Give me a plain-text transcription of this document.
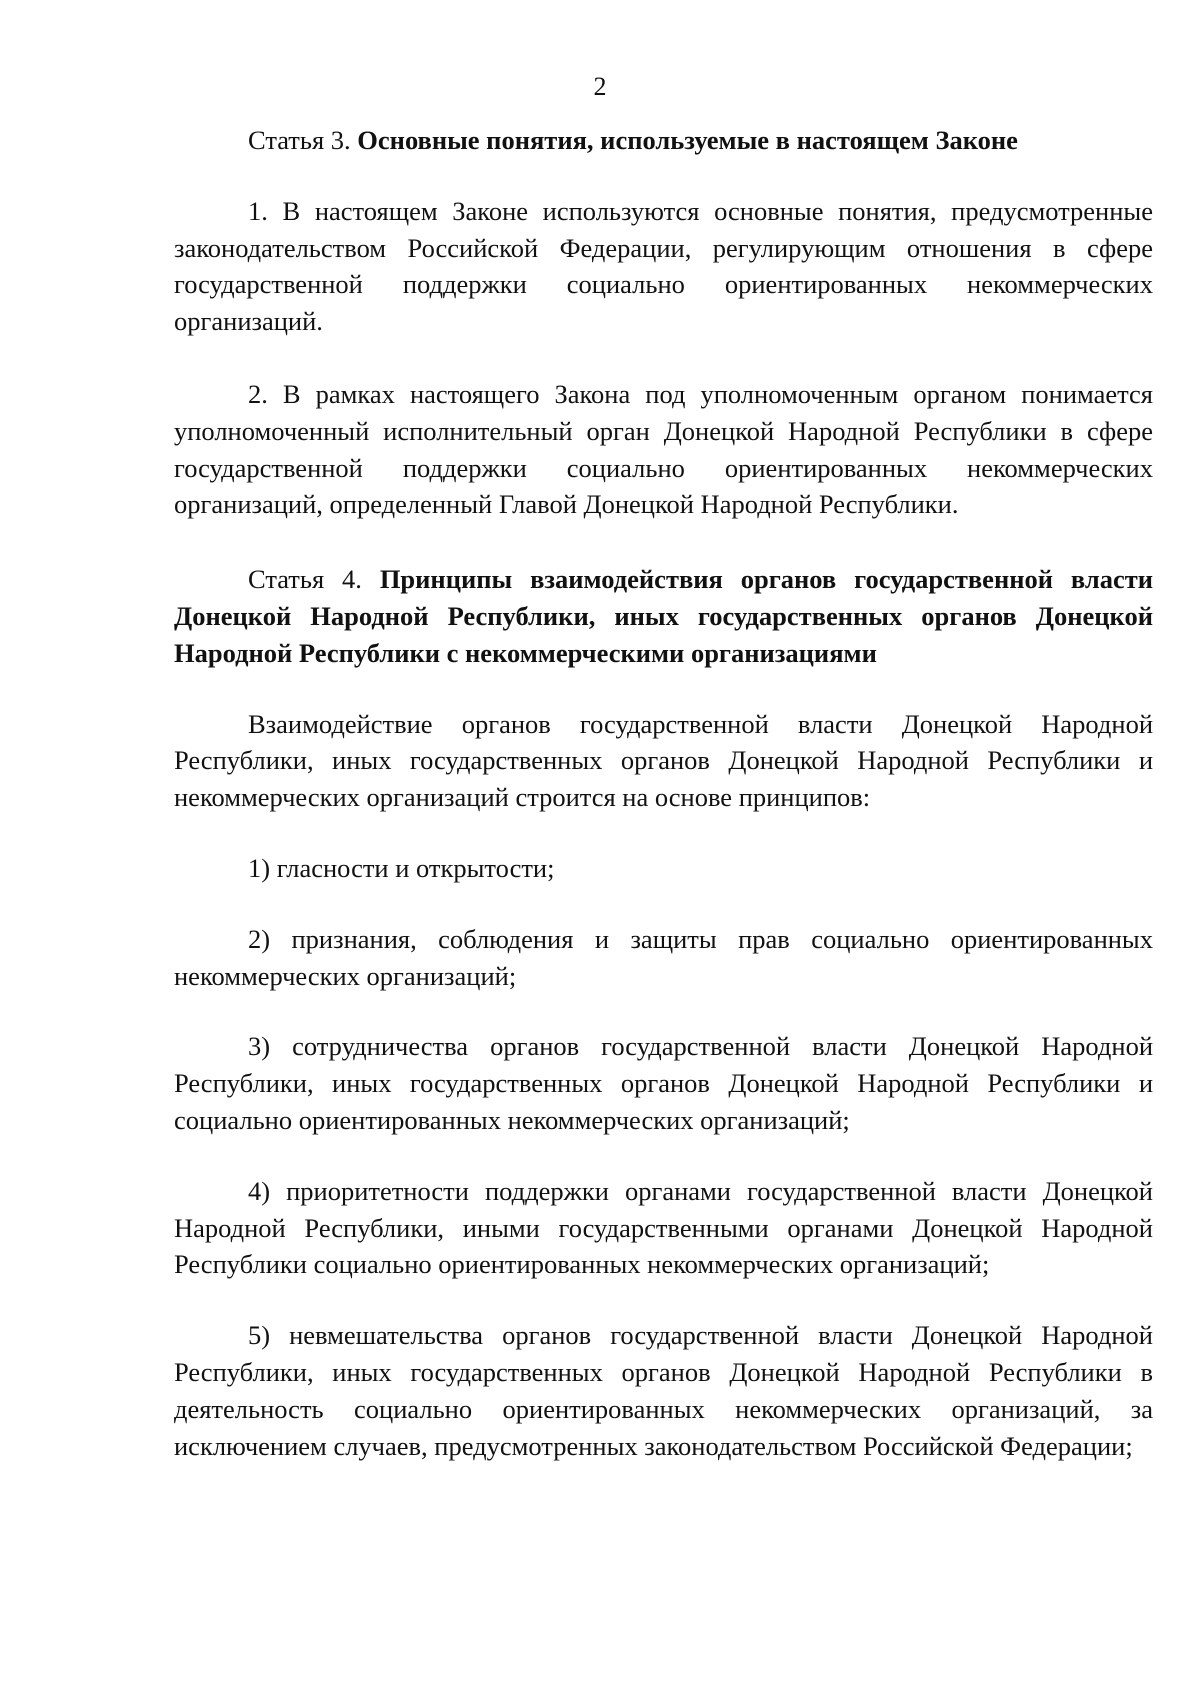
2

Статья 3. Основные понятия, используемые в настоящем Законе

1. В настоящем Законе используются основные понятия, предусмотренные законодательством Российской Федерации, регулирующим отношения в сфере государственной поддержки социально ориентированных некоммерческих организаций.

2. В рамках настоящего Закона под уполномоченным органом понимается уполномоченный исполнительный орган Донецкой Народной Республики в сфере государственной поддержки социально ориентированных некоммерческих организаций, определенный Главой Донецкой Народной Республики.

Статья 4. Принципы взаимодействия органов государственной власти Донецкой Народной Республики, иных государственных органов Донецкой Народной Республики с некоммерческими организациями

Взаимодействие органов государственной власти Донецкой Народной Республики, иных государственных органов Донецкой Народной Республики и некоммерческих организаций строится на основе принципов:

1) гласности и открытости;

2) признания, соблюдения и защиты прав социально ориентированных некоммерческих организаций;

3) сотрудничества органов государственной власти Донецкой Народной Республики, иных государственных органов Донецкой Народной Республики и социально ориентированных некоммерческих организаций;

4) приоритетности поддержки органами государственной власти Донецкой Народной Республики, иными государственными органами Донецкой Народной Республики социально ориентированных некоммерческих организаций;

5) невмешательства органов государственной власти Донецкой Народной Республики, иных государственных органов Донецкой Народной Республики в деятельность социально ориентированных некоммерческих организаций, за исключением случаев, предусмотренных законодательством Российской Федерации;
